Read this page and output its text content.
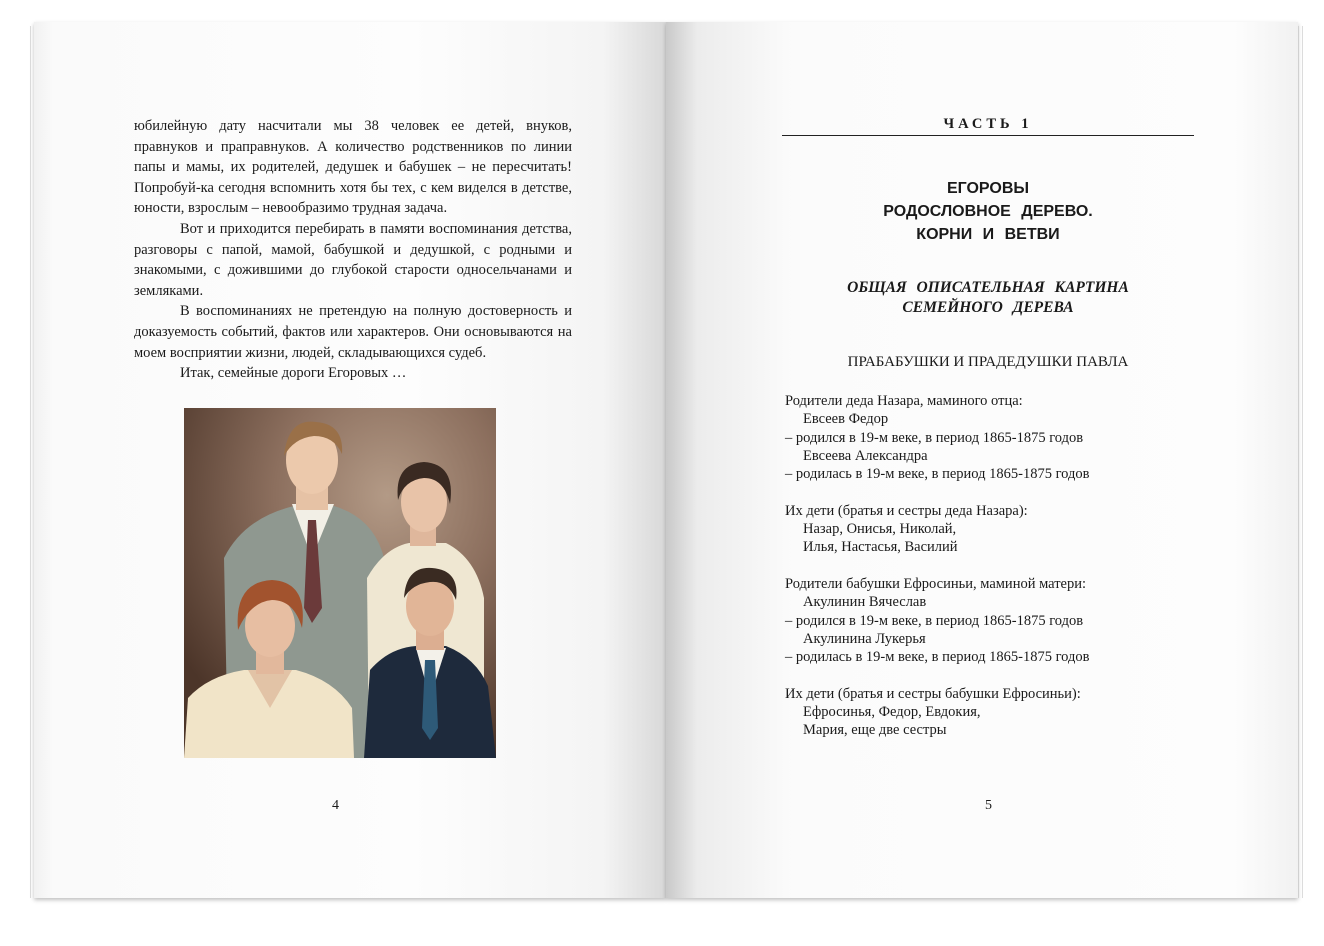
юбилейную дату насчитали мы 38 человек ее детей, внуков, правнуков и праправнуков. А количество родственников по линии папы и мамы, их родителей, дедушек и бабушек – не пересчитать! Попробуй-ка сегодня вспомнить хотя бы тех, с кем виделся в детстве, юности, взрослым – невообразимо трудная задача.

Вот и приходится перебирать в памяти воспоминания детства, разговоры с папой, мамой, бабушкой и дедушкой, с родными и знакомыми, с дожившими до глубокой старости односельчанами и земляками.

В воспоминаниях не претендую на полную достоверность и доказуемость событий, фактов или характеров. Они основываются на моем восприятии жизни, людей, складывающихся судеб.

Итак, семейные дороги Егоровых …

4
ЧАСТЬ 1
ЕГОРОВЫ
РОДОСЛОВНОЕ ДЕРЕВО.
КОРНИ И ВЕТВИ
ОБЩАЯ ОПИСАТЕЛЬНАЯ КАРТИНА
СЕМЕЙНОГО ДЕРЕВА
ПРАБАБУШКИ И ПРАДЕДУШКИ ПАВЛА
Родители деда Назара, маминого отца:
Евсеев Федор
– родился в 19-м веке, в период 1865-1875 годов
Евсеева Александра
– родилась в 19-м веке, в период 1865-1875 годов
Их дети (братья и сестры деда Назара):
Назар, Онисья, Николай,
Илья, Настасья, Василий
Родители бабушки Ефросиньи, маминой матери:
Акулинин Вячеслав
– родился в 19-м веке, в период 1865-1875 годов
Акулинина Лукерья
– родилась в 19-м веке, в период 1865-1875 годов
Их дети (братья и сестры бабушки Ефросиньи):
Ефросинья, Федор, Евдокия,
Мария, еще две сестры
5
